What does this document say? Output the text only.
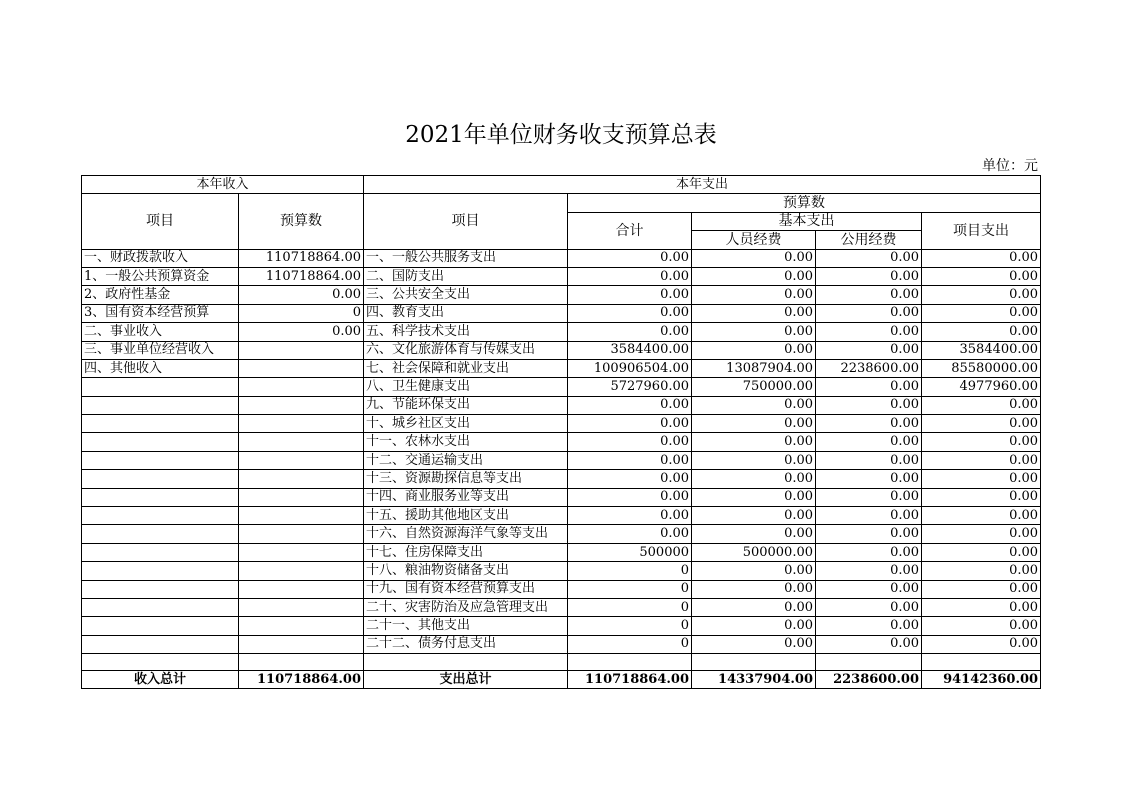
2021年单位财务收支预算总表
单位：元
本年收入		本年支出				
项目	预算数	项目	预算数			
			合计	基本支出		项目支出
				人员经费	公用经费	
一、财政拨款收入	110718864.00	一、一般公共服务支出	0.00	0.00	0.00	0.00
1、一般公共预算资金	110718864.00	二、国防支出	0.00	0.00	0.00	0.00
2、政府性基金	0.00	三、公共安全支出	0.00	0.00	0.00	0.00
3、国有资本经营预算	0	四、教育支出	0.00	0.00	0.00	0.00
二、事业收入	0.00	五、科学技术支出	0.00	0.00	0.00	0.00
三、事业单位经营收入		六、文化旅游体育与传媒支出	3584400.00	0.00	0.00	3584400.00
四、其他收入		七、社会保障和就业支出	100906504.00	13087904.00	2238600.00	85580000.00
		八、卫生健康支出	5727960.00	750000.00	0.00	4977960.00
		九、节能环保支出	0.00	0.00	0.00	0.00
		十、城乡社区支出	0.00	0.00	0.00	0.00
		十一、农林水支出	0.00	0.00	0.00	0.00
		十二、交通运输支出	0.00	0.00	0.00	0.00
		十三、资源勘探信息等支出	0.00	0.00	0.00	0.00
		十四、商业服务业等支出	0.00	0.00	0.00	0.00
		十五、援助其他地区支出	0.00	0.00	0.00	0.00
		十六、自然资源海洋气象等支出	0.00	0.00	0.00	0.00
		十七、住房保障支出	500000	500000.00	0.00	0.00
		十八、粮油物资储备支出	0	0.00	0.00	0.00
		十九、国有资本经营预算支出	0	0.00	0.00	0.00
		二十、灾害防治及应急管理支出	0	0.00	0.00	0.00
		二十一、其他支出	0	0.00	0.00	0.00
		二十二、债务付息支出	0	0.00	0.00	0.00

收入总计	110718864.00	支出总计	110718864.00	14337904.00	2238600.00	94142360.00
